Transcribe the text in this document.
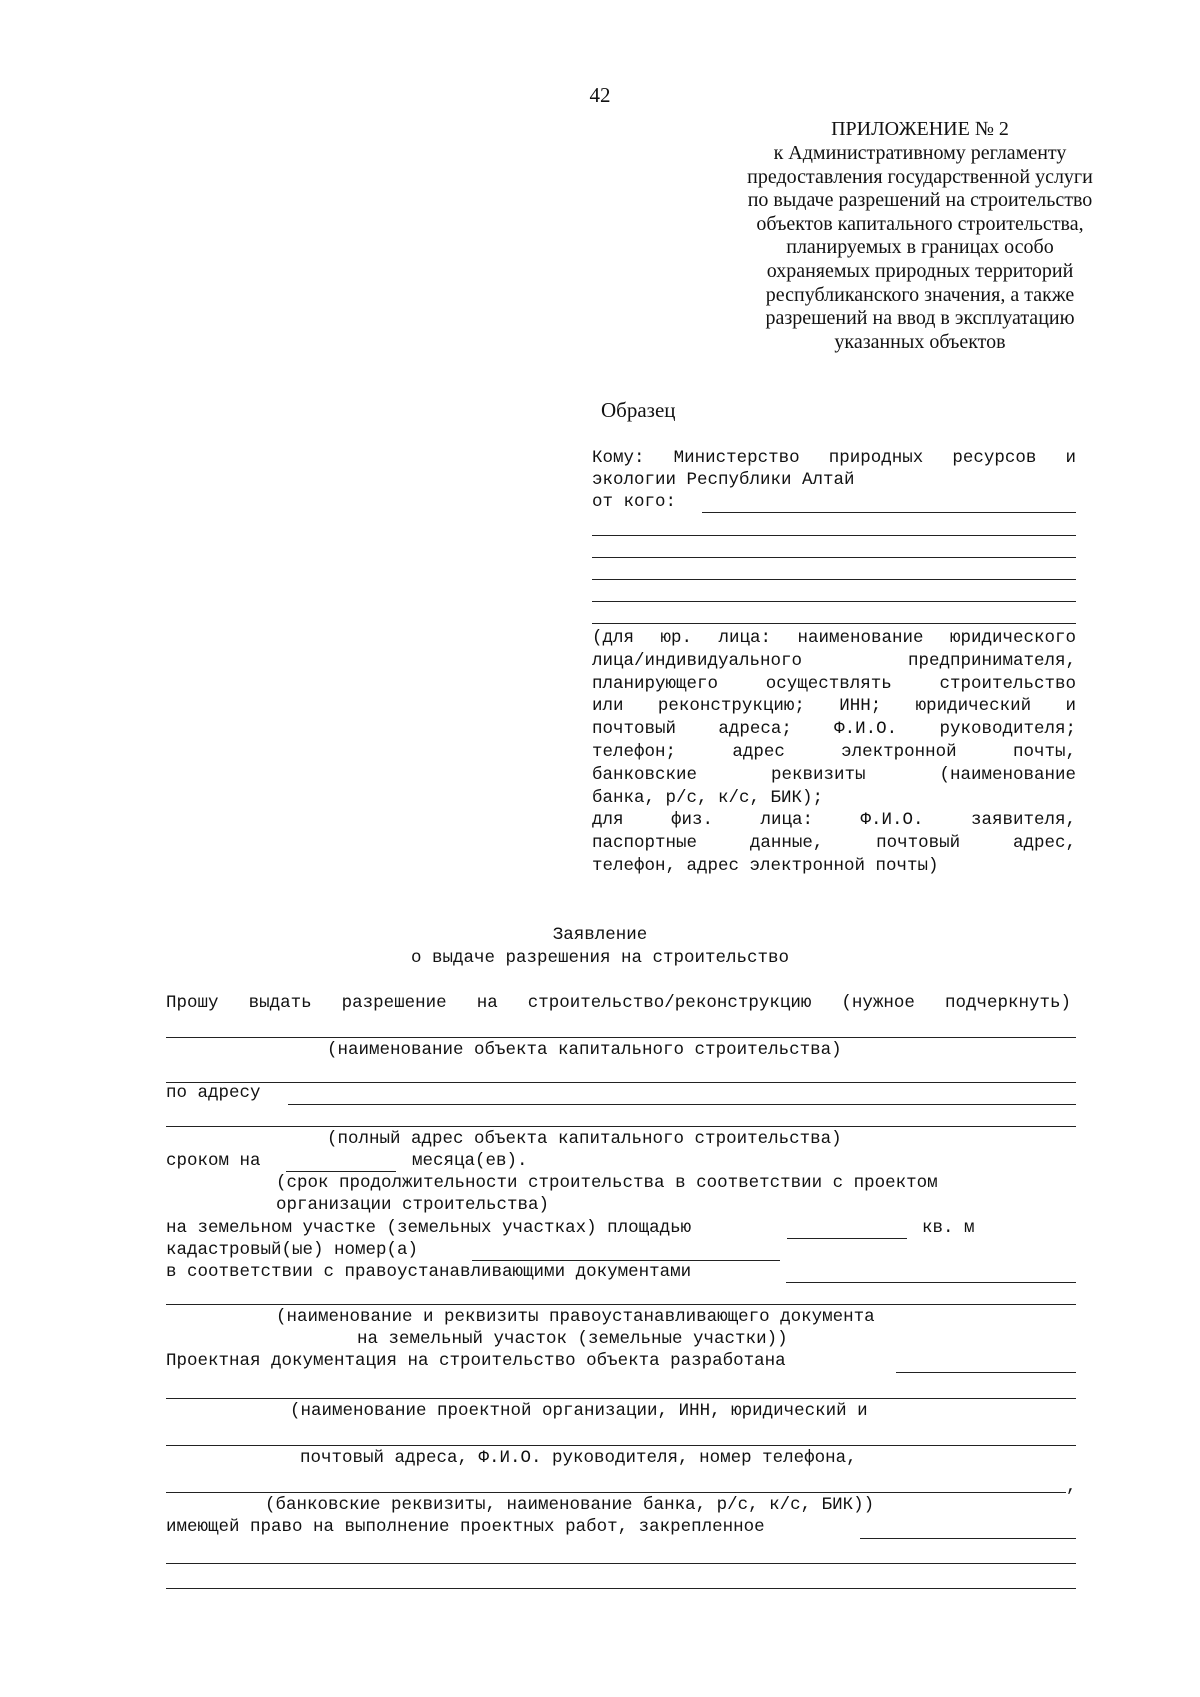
42
ПРИЛОЖЕНИЕ № 2
к Административному регламенту
предоставления государственной услуги
по выдаче разрешений на строительство
объектов капитального строительства,
планируемых в границах особо
охраняемых природных территорий
республиканского значения, а также
разрешений на ввод в эксплуатацию
указанных объектов
Образец
Кому: Министерство природных ресурсов и
экологии Республики Алтай
от кого:
(для юр. лица: наименование юридического
лица/индивидуального предпринимателя,
планирующего осуществлять строительство
или реконструкцию; ИНН; юридический и
почтовый адреса; Ф.И.О. руководителя;
телефон; адрес электронной почты,
банковские реквизиты (наименование
банка, р/с, к/с, БИК);
для физ. лица: Ф.И.О. заявителя,
паспортные данные, почтовый адрес,
телефон, адрес электронной почты)
Заявление
о выдаче разрешения на строительство
Прошу выдать разрешение на строительство/реконструкцию (нужное подчеркнуть)
(наименование объекта капитального строительства)
по адресу
(полный адрес объекта капитального строительства)
сроком на	месяца(ев).
(срок продолжительности строительства в соответствии с проектом
организации строительства)
на земельном участке (земельных участках) площадью	кв. м
кадастровый(ые) номер(а)
в соответствии с правоустанавливающими документами
(наименование и реквизиты правоустанавливающего документа
на земельный участок (земельные участки))
Проектная документация на строительство объекта разработана
(наименование проектной организации, ИНН, юридический и
почтовый адреса, Ф.И.О. руководителя, номер телефона,
,
(банковские реквизиты, наименование банка, р/с, к/с, БИК))
имеющей право на выполнение проектных работ, закрепленное
